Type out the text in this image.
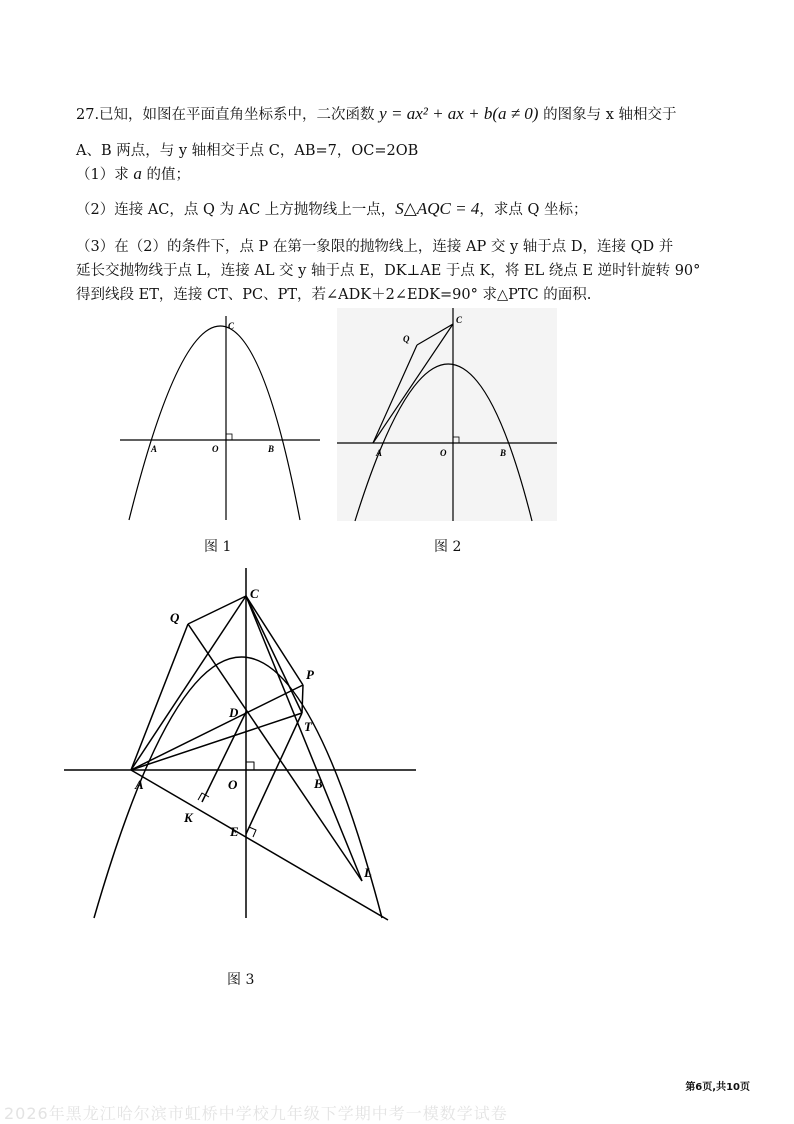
27.已知，如图在平面直角坐标系中，二次函数 y = ax² + ax + b(a ≠ 0) 的图象与 x 轴相交于
A、B 两点，与 y 轴相交于点 C，AB=7，OC=2OB
（1）求 a 的值；
（2）连接 AC，点 Q 为 AC 上方抛物线上一点，S△AQC = 4，求点 Q 坐标；
（3）在（2）的条件下，点 P 在第一象限的抛物线上，连接 AP 交 y 轴于点 D，连接 QD 并
延长交抛物线于点 L，连接 AL 交 y 轴于点 E，DK⊥AE 于点 K，将 EL 绕点 E 逆时针旋转 90°
得到线段 ET，连接 CT、PC、PT，若∠ADK＋2∠EDK=90° 求△PTC 的面积.
C
A	O	B
Q
C
A	O	B
C
Q
P
D
T
A	O	B
K
E
L
图 1	图 2
图 3
第6页,共10页
2026年黑龙江哈尔滨市虹桥中学校九年级下学期中考一模数学试卷
